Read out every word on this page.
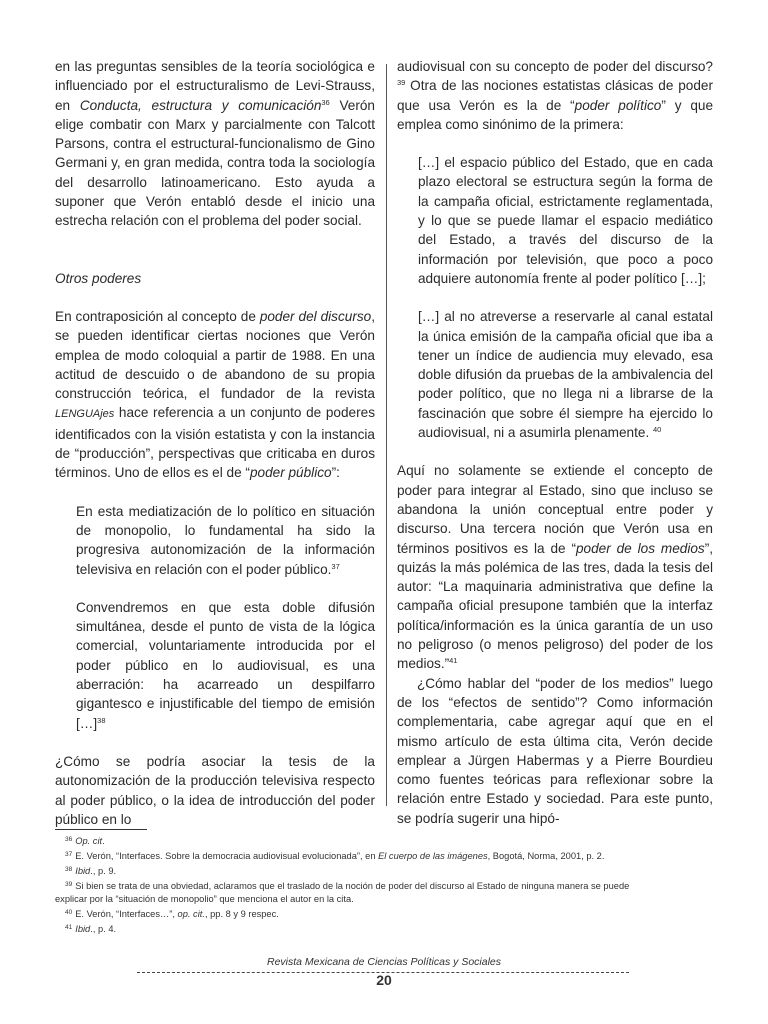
en las preguntas sensibles de la teoría sociológica e influenciado por el estructuralismo de Levi-Strauss, en Conducta, estructura y comunicación$^{36}$ Verón elige combatir con Marx y parcialmente con Talcott Parsons, contra el estructural-funcionalismo de Gino Germani y, en gran medida, contra toda la sociología del desarrollo latinoamericano. Esto ayuda a suponer que Verón entabló desde el inicio una estrecha relación con el problema del poder social.

Otros poderes

En contraposición al concepto de poder del discurso, se pueden identificar ciertas nociones que Verón emplea de modo coloquial a partir de 1988. En una actitud de descuido o de abandono de su propia construcción teórica, el fundador de la revista LENGUAjes hace referencia a un conjunto de poderes identificados con la visión estatista y con la instancia de “producción”, perspectivas que criticaba en duros términos. Uno de ellos es el de “poder público”:

En esta mediatización de lo político en situación de monopolio, lo fundamental ha sido la progresiva autonomización de la información televisiva en relación con el poder público.$^{37}$

Convendremos en que esta doble difusión simultánea, desde el punto de vista de la lógica comercial, voluntariamente introducida por el poder público en lo audiovisual, es una aberración: ha acarreado un despilfarro gigantesco e injustificable del tiempo de emisión […]$^{38}$

¿Cómo se podría asociar la tesis de la autonomización de la producción televisiva respecto al poder público, o la idea de introducción del poder público en lo

audiovisual con su concepto de poder del discurso?$^{39}$ Otra de las nociones estatistas clásicas de poder que usa Verón es la de “poder político” y que emplea como sinónimo de la primera:

[…] el espacio público del Estado, que en cada plazo electoral se estructura según la forma de la campaña oficial, estrictamente reglamentada, y lo que se puede llamar el espacio mediático del Estado, a través del discurso de la información por televisión, que poco a poco adquiere autonomía frente al poder político […];

[…] al no atreverse a reservarle al canal estatal la única emisión de la campaña oficial que iba a tener un índice de audiencia muy elevado, esa doble difusión da pruebas de la ambivalencia del poder político, que no llega ni a librarse de la fascinación que sobre él siempre ha ejercido lo audiovisual, ni a asumirla plenamente. $^{40}$

Aquí no solamente se extiende el concepto de poder para integrar al Estado, sino que incluso se abandona la unión conceptual entre poder y discurso. Una tercera noción que Verón usa en términos positivos es la de “poder de los medios”, quizás la más polémica de las tres, dada la tesis del autor: “La maquinaria administrativa que define la campaña oficial presupone también que la interfaz política/información es la única garantía de un uso no peligroso (o menos peligroso) del poder de los medios.”$^{41}$

¿Cómo hablar del “poder de los medios” luego de los “efectos de sentido”? Como información complementaria, cabe agregar aquí que en el mismo artículo de esta última cita, Verón decide emplear a Jürgen Habermas y a Pierre Bourdieu como fuentes teóricas para reflexionar sobre la relación entre Estado y sociedad. Para este punto, se podría sugerir una hipó-

$^{36}$ Op. cit.

$^{37}$ E. Verón, “Interfaces. Sobre la democracia audiovisual evolucionada”, en El cuerpo de las imágenes, Bogotá, Norma, 2001, p. 2.

$^{38}$ Ibid., p. 9.

$^{39}$ Si bien se trata de una obviedad, aclaramos que el traslado de la noción de poder del discurso al Estado de ninguna manera se puede

explicar por la “situación de monopolio” que menciona el autor en la cita.

$^{40}$ E. Verón, “Interfaces…”, op. cit., pp. 8 y 9 respec.

$^{41}$ Ibid., p. 4.

Revista Mexicana de Ciencias Políticas y Sociales
20
